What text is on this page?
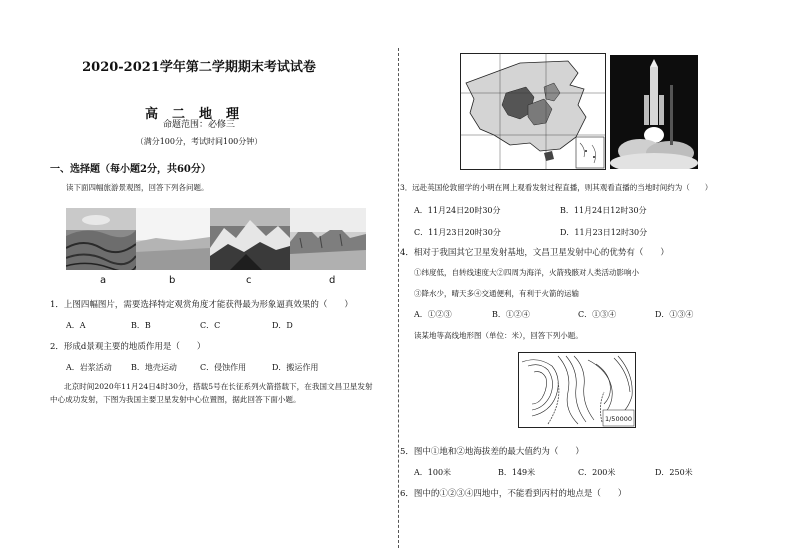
2020-2021学年第二学期期末考试试卷
高二地理
命题范围：必修三
（满分100分，考试时间100分钟）
一、选择题（每小题2分，共60分）
读下面四幅旅游景观图，回答下列各问题。
a	b	c	d
1．上图四幅图片，需要选择特定观赏角度才能获得最为形象逼真效果的（　　）
A．A	B．B	C．C	D．D
2．形成d景观主要的地质作用是（　　）
A．岩浆活动 B．地壳运动	C．侵蚀作用	D．搬运作用
北京时间2020年11月24日4时30分，搭载5号在长征系列火箭搭载下，在我国文昌卫星发射
中心成功发射，下图为我国主要卫星发射中心位置图，据此回答下面小题。
3．远赴英国伦敦留学的小明在网上观看发射过程直播，则其观看直播的当地时间约为（　　）
A．11月24日20时30分	B．11月24日12时30分
C．11月23日20时30分	D．11月23日12时30分
4．相对于我国其它卫星发射基地，文昌卫星发射中心的优势有（　　）
①纬度低，自转线速度大②四周为海洋，火箭残骸对人类活动影响小
③降水少，晴天多④交通便利，有利于火箭的运输
A．①②③	B．①②④	C．①③④	D．①③④
读某地等高线地形图（单位：米），回答下列小题。
1/50000
5．图中①地和②地海拔差的最大值约为（　　）
A．100米	B．149米	C．200米	D．250米
6．图中的①②③④四地中，不能看到丙村的地点是（　　）
